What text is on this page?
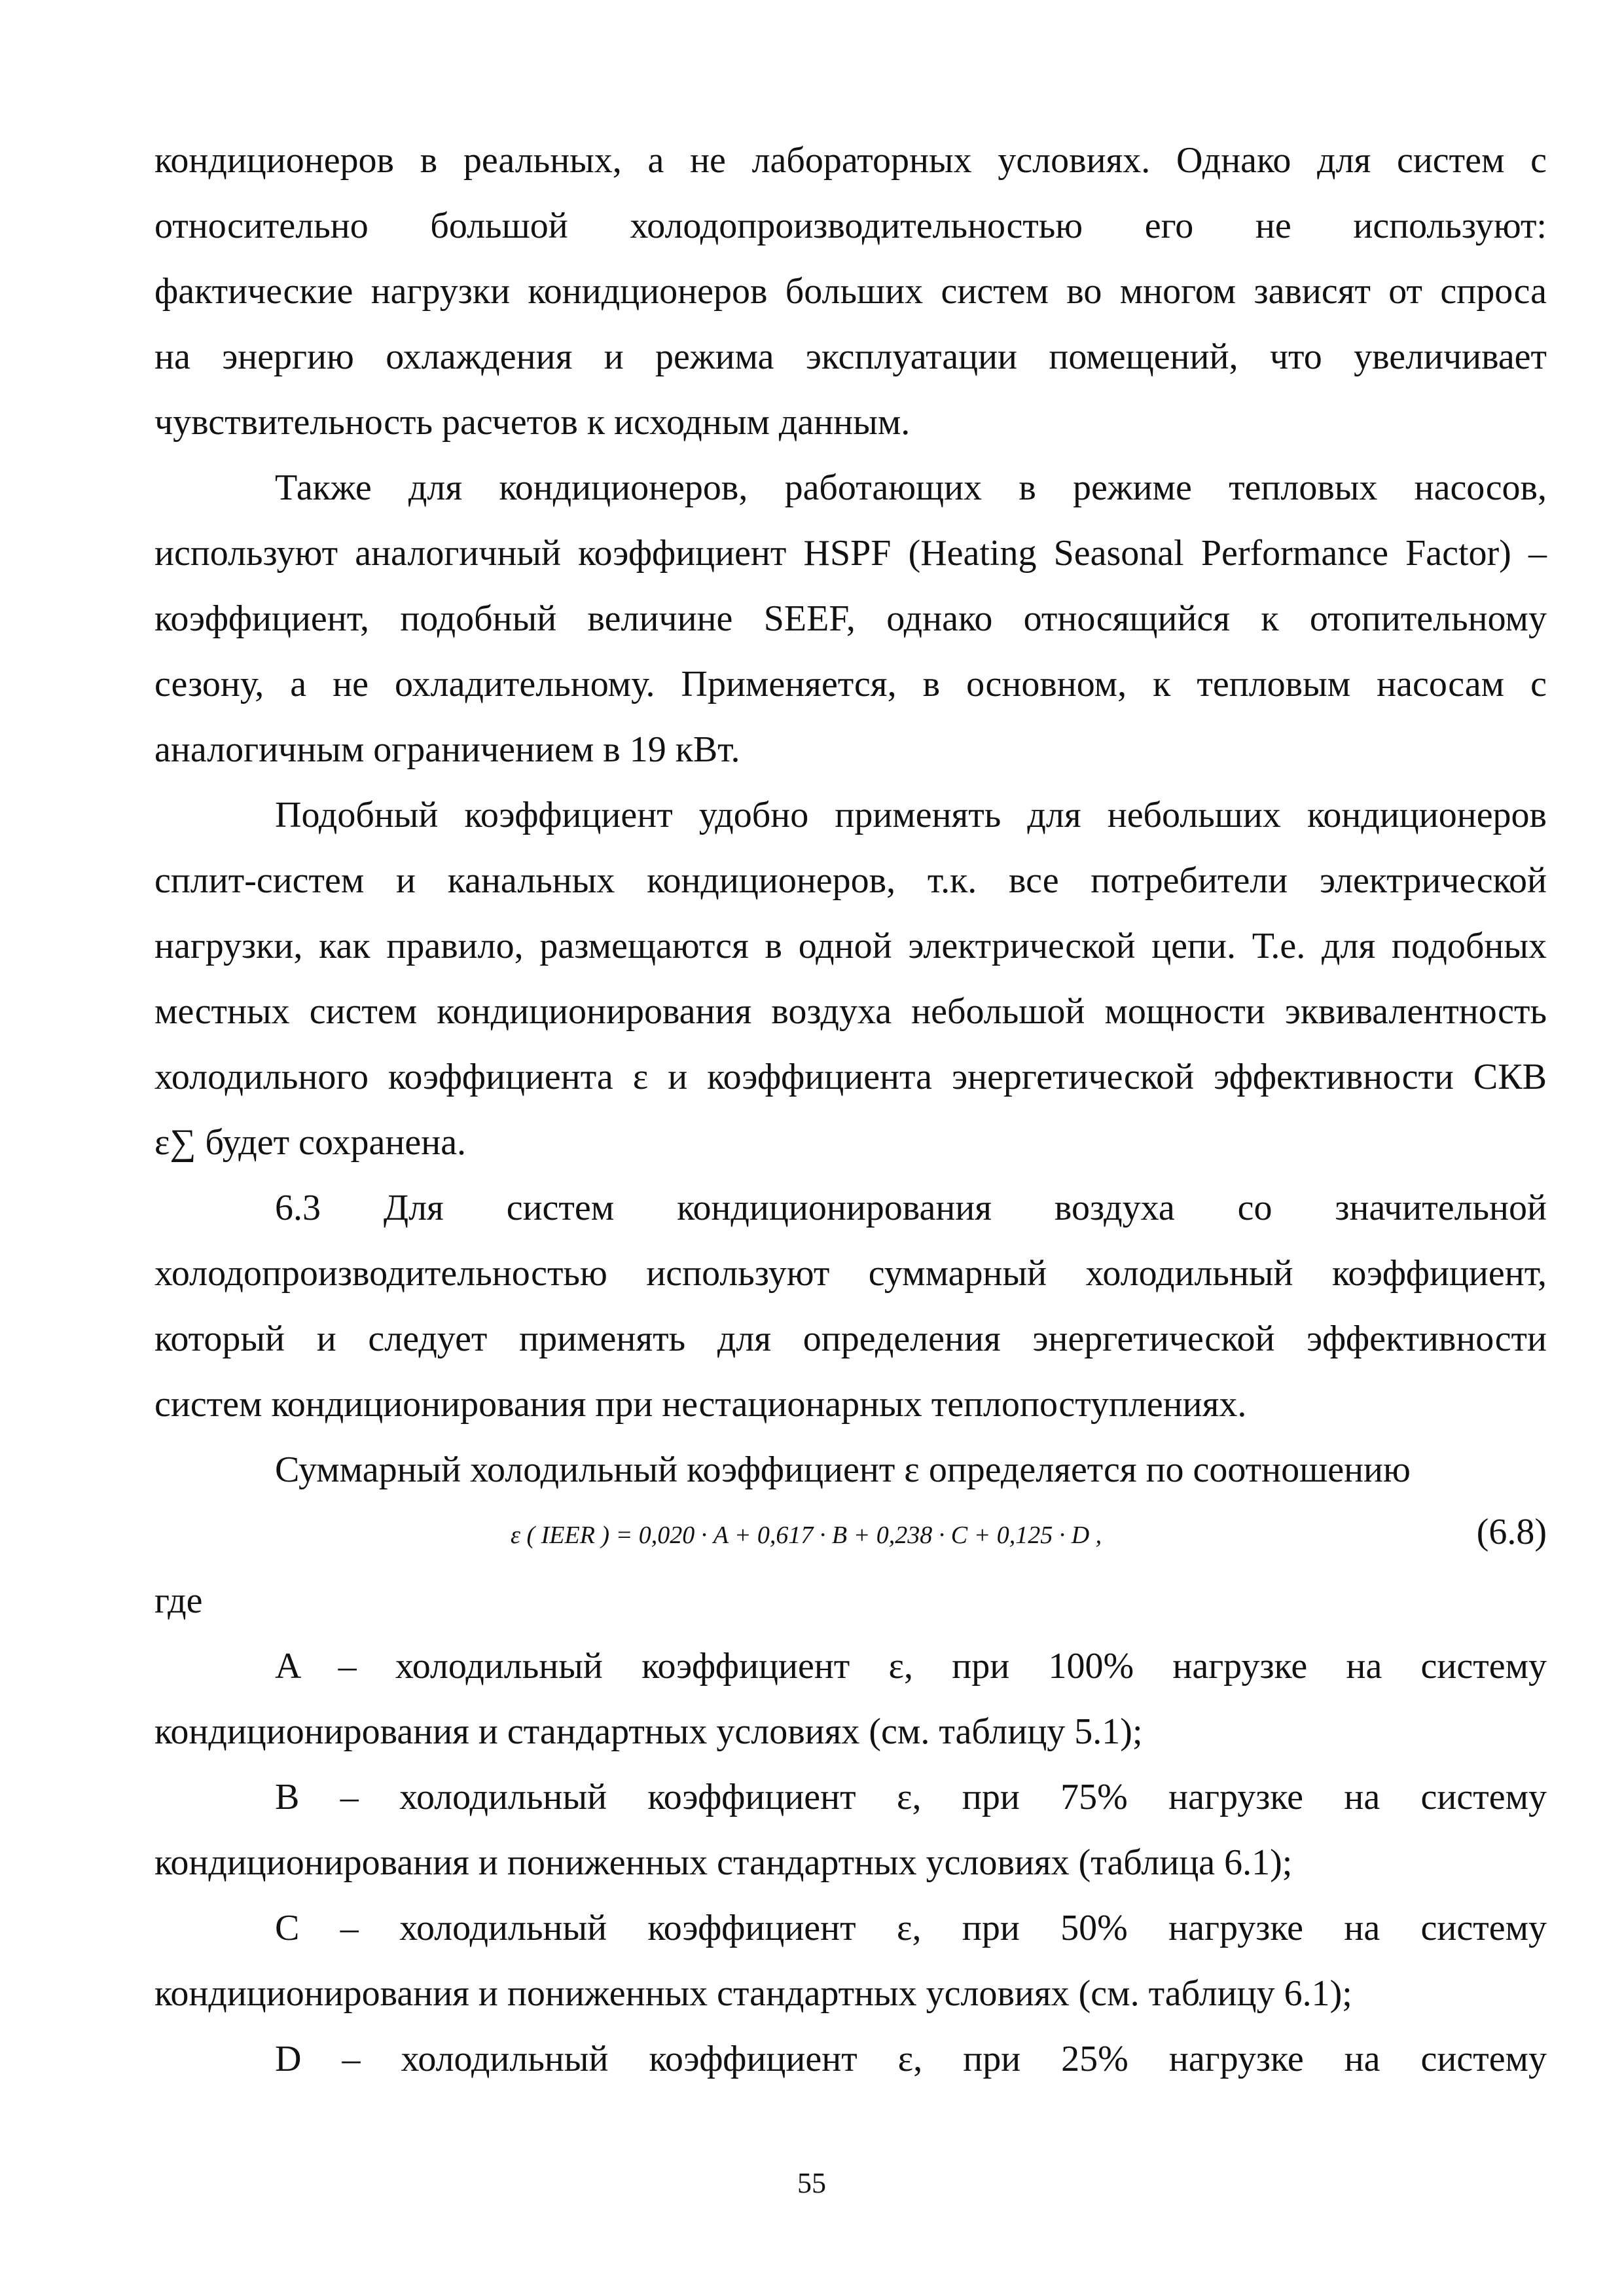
кондиционеров в реальных, а не лабораторных условиях. Однако для систем с
относительно большой холодопроизводительностью его не используют:
фактические нагрузки конидционеров больших систем во многом зависят от спроса
на энергию охлаждения и режима эксплуатации помещений, что увеличивает
чувствительность расчетов к исходным данным.
Также для кондиционеров, работающих в режиме тепловых насосов,
используют аналогичный коэффициент HSPF (Heating Seasonal Performance Factor) –
коэффициент, подобный величине SEEF, однако относящийся к отопительному
сезону, а не охладительному. Применяется, в основном, к тепловым насосам с
аналогичным ограничением в 19 кВт.
Подобный коэффициент удобно применять для небольших кондиционеров
сплит-систем и канальных кондиционеров, т.к. все потребители электрической
нагрузки, как правило, размещаются в одной электрической цепи. Т.е. для подобных
местных систем кондиционирования воздуха небольшой мощности эквивалентность
холодильного коэффициента ε и коэффициента энергетической эффективности СКВ
ε∑ будет сохранена.
6.3 Для систем кондиционирования воздуха со значительной
холодопроизводительностью используют суммарный холодильный коэффициент,
который и следует применять для определения энергетической эффективности
систем кондиционирования при нестационарных теплопоступлениях.
Суммарный холодильный коэффициент ε определяется по соотношению
ε ( IEER ) = 0,020 · A + 0,617 · B + 0,238 · C + 0,125 · D ,	(6.8)
где
A – холодильный коэффициент ε, при 100% нагрузке на систему
кондиционирования и стандартных условиях (см. таблицу 5.1);
B – холодильный коэффициент ε, при 75% нагрузке на систему
кондиционирования и пониженных стандартных условиях (таблица 6.1);
C – холодильный коэффициент ε, при 50% нагрузке на систему
кондиционирования и пониженных стандартных условиях (см. таблицу 6.1);
D – холодильный коэффициент ε, при 25% нагрузке на систему
55
